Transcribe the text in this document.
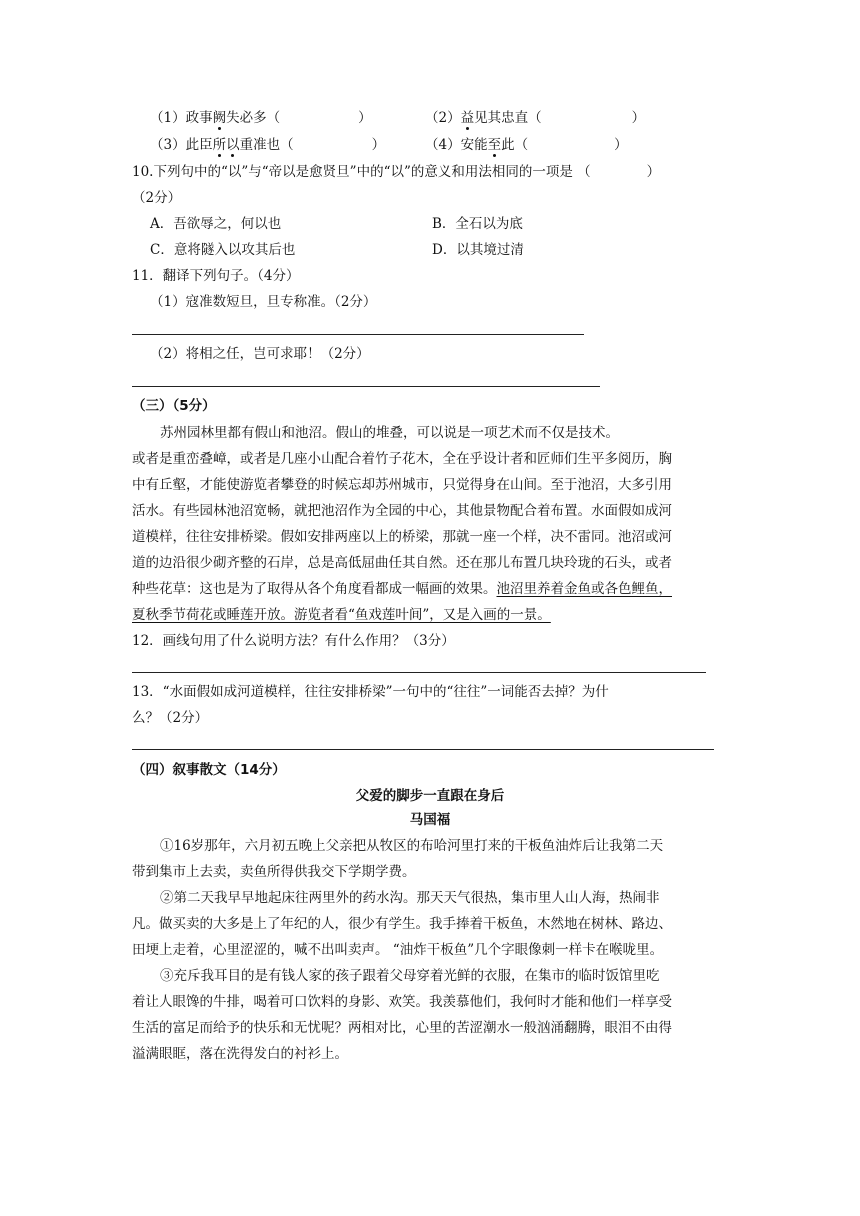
（1）政事阙失必多（	）	（2）益见其忠直（	）
（3）此臣所以重准也（	）	（4）安能至此（	）
10.下列句中的“以”与“帝以是愈贤旦”中的“以”的意义和用法相同的一项是 （	）
（2分）
A．吾欲辱之，何以也	B．全石以为底
C．意将隧入以攻其后也	D．以其境过清
11．翻译下列句子。（4分）
（1）寇准数短旦，旦专称准。（2分）
（2）将相之任，岂可求耶！（2分）
（三）（5分）
苏州园林里都有假山和池沼。假山的堆叠，可以说是一项艺术而不仅是技术。
或者是重峦叠嶂，或者是几座小山配合着竹子花木，全在乎设计者和匠师们生平多阅历，胸
中有丘壑，才能使游览者攀登的时候忘却苏州城市，只觉得身在山间。至于池沼，大多引用
活水。有些园林池沼宽畅，就把池沼作为全园的中心，其他景物配合着布置。水面假如成河
道模样，往往安排桥梁。假如安排两座以上的桥梁，那就一座一个样，决不雷同。池沼或河
道的边沿很少砌齐整的石岸，总是高低屈曲任其自然。还在那儿布置几块玲珑的石头，或者
种些花草：这也是为了取得从各个角度看都成一幅画的效果。池沼里养着金鱼或各色鲤鱼，
夏秋季节荷花或睡莲开放。游览者看“鱼戏莲叶间”，又是入画的一景。
12．画线句用了什么说明方法？有什么作用？（3分）
13．“水面假如成河道模样，往往安排桥梁”一句中的“往往”一词能否去掉？为什
么？（2分）
（四）叙事散文（14分）
父爱的脚步一直跟在身后
马国福
①16岁那年，六月初五晚上父亲把从牧区的布哈河里打来的干板鱼油炸后让我第二天
带到集市上去卖，卖鱼所得供我交下学期学费。
②第二天我早早地起床往两里外的药水沟。那天天气很热，集市里人山人海，热闹非
凡。做买卖的大多是上了年纪的人，很少有学生。我手捧着干板鱼，木然地在树林、路边、
田埂上走着，心里涩涩的，喊不出叫卖声。 “油炸干板鱼”几个字眼像刺一样卡在喉咙里。
③充斥我耳目的是有钱人家的孩子跟着父母穿着光鲜的衣服，在集市的临时饭馆里吃
着让人眼馋的牛排，喝着可口饮料的身影、欢笑。我羡慕他们，我何时才能和他们一样享受
生活的富足而给予的快乐和无忧呢？两相对比，心里的苦涩潮水一般汹涌翻腾，眼泪不由得
溢满眼眶，落在洗得发白的衬衫上。
